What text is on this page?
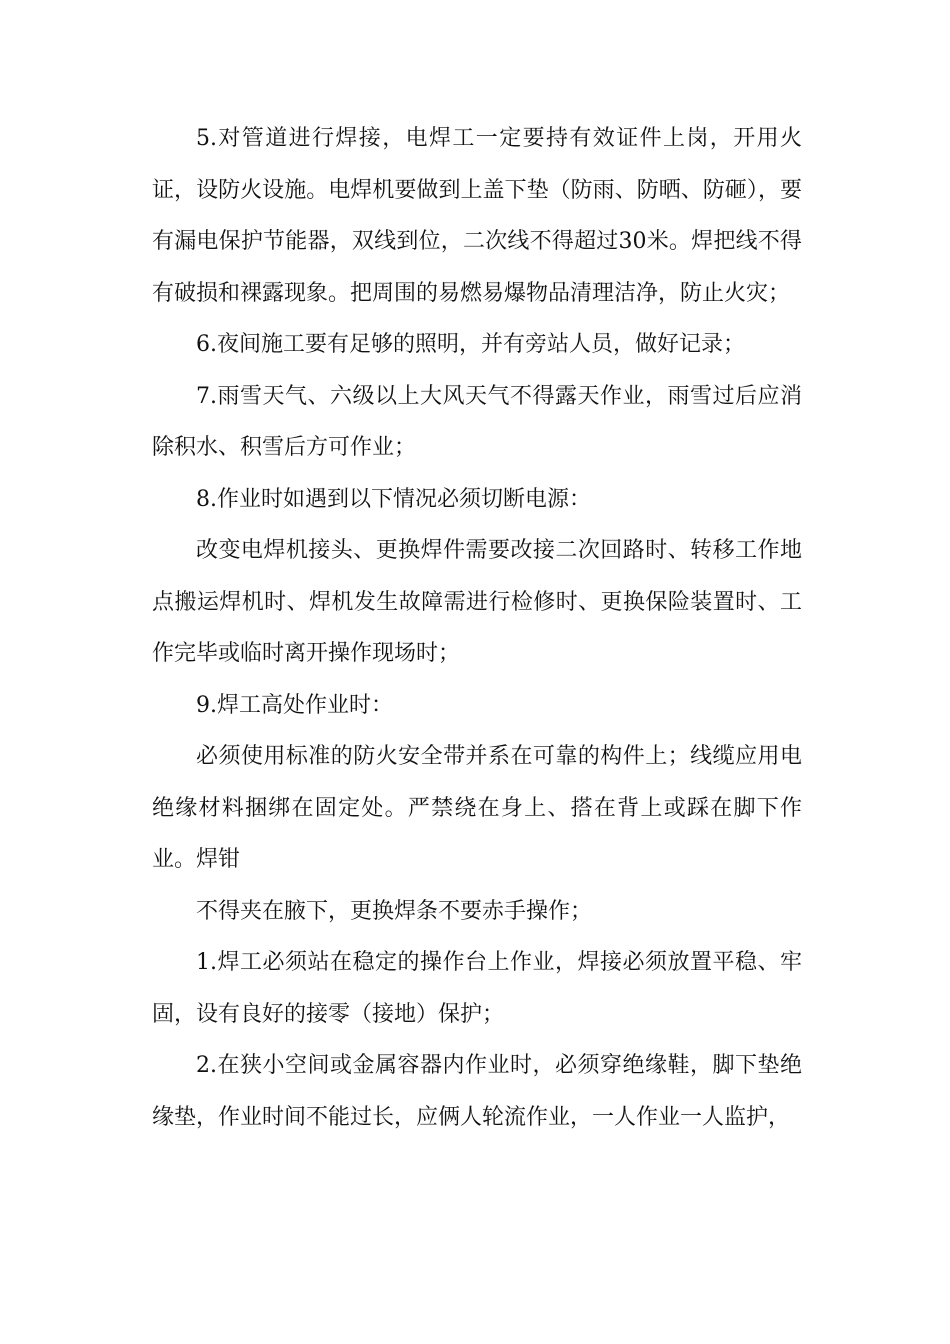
5.对管道进行焊接，电焊工一定要持有效证件上岗，开用火证，设防火设施。电焊机要做到上盖下垫（防雨、防晒、防砸），要有漏电保护节能器，双线到位，二次线不得超过30米。焊把线不得有破损和裸露现象。把周围的易燃易爆物品清理洁净，防止火灾；

6.夜间施工要有足够的照明，并有旁站人员，做好记录；

7.雨雪天气、六级以上大风天气不得露天作业，雨雪过后应消除积水、积雪后方可作业；

8.作业时如遇到以下情况必须切断电源：

改变电焊机接头、更换焊件需要改接二次回路时、转移工作地点搬运焊机时、焊机发生故障需进行检修时、更换保险装置时、工作完毕或临时离开操作现场时；

9.焊工高处作业时：

必须使用标准的防火安全带并系在可靠的构件上；线缆应用电绝缘材料捆绑在固定处。严禁绕在身上、搭在背上或踩在脚下作业。焊钳

不得夹在腋下，更换焊条不要赤手操作；

1.焊工必须站在稳定的操作台上作业，焊接必须放置平稳、牢固，设有良好的接零（接地）保护；

2.在狭小空间或金属容器内作业时，必须穿绝缘鞋，脚下垫绝缘垫，作业时间不能过长，应俩人轮流作业，一人作业一人监护，
